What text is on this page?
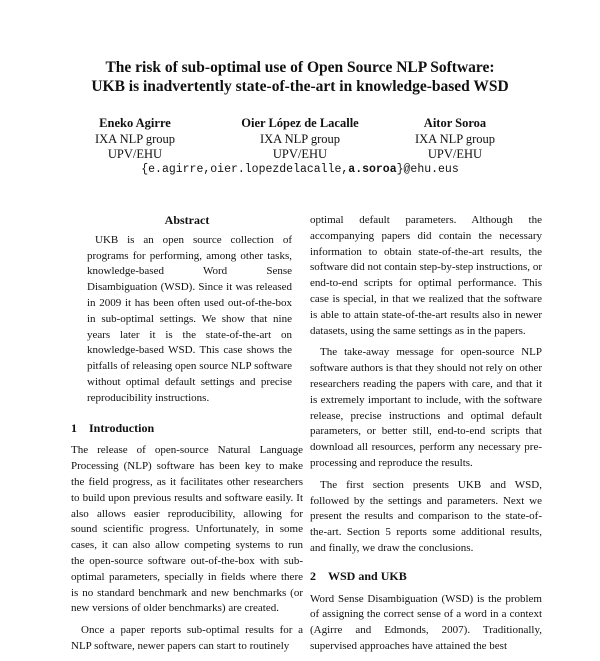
The risk of sub-optimal use of Open Source NLP Software:
UKB is inadvertently state-of-the-art in knowledge-based WSD
Eneko Agirre
IXA NLP group
UPV/EHU
Oier López de Lacalle
IXA NLP group
UPV/EHU
Aitor Soroa
IXA NLP group
UPV/EHU
{e.agirre,oier.lopezdelacalle,a.soroa}@ehu.eus
Abstract
UKB is an open source collection of programs for performing, among other tasks, knowledge-based Word Sense Disambiguation (WSD). Since it was released in 2009 it has been often used out-of-the-box in sub-optimal settings. We show that nine years later it is the state-of-the-art on knowledge-based WSD. This case shows the pitfalls of releasing open source NLP software without optimal default settings and precise reproducibility instructions.
1 Introduction

The release of open-source Natural Language Processing (NLP) software has been key to make the field progress, as it facilitates other researchers to build upon previous results and software easily. It also allows easier reproducibility, allowing for sound scientific progress. Unfortunately, in some cases, it can also allow competing systems to run the open-source software out-of-the-box with sub-optimal parameters, specially in fields where there is no standard benchmark and new benchmarks (or new versions of older benchmarks) are created.

Once a paper reports sub-optimal results for a NLP software, newer papers can start to routinely

optimal default parameters. Although the accompanying papers did contain the necessary information to obtain state-of-the-art results, the software did not contain step-by-step instructions, or end-to-end scripts for optimal performance. This case is special, in that we realized that the software is able to attain state-of-the-art results also in newer datasets, using the same settings as in the papers.

The take-away message for open-source NLP software authors is that they should not rely on other researchers reading the papers with care, and that it is extremely important to include, with the software release, precise instructions and optimal default parameters, or better still, end-to-end scripts that download all resources, perform any necessary pre-processing and reproduce the results.

The first section presents UKB and WSD, followed by the settings and parameters. Next we present the results and comparison to the state-of-the-art. Section 5 reports some additional results, and finally, we draw the conclusions.

2 WSD and UKB

Word Sense Disambiguation (WSD) is the problem of assigning the correct sense of a word in a context (Agirre and Edmonds, 2007). Traditionally, supervised approaches have attained the best
